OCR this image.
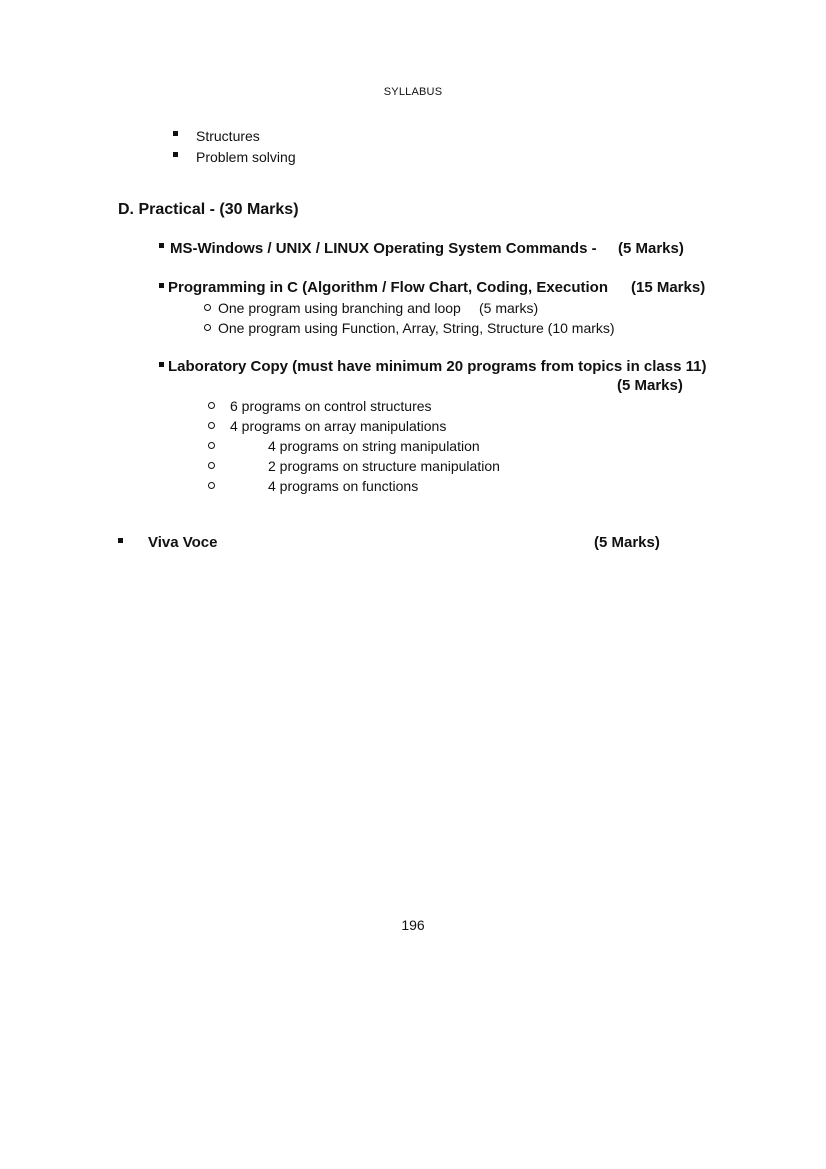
SYLLABUS
Structures
Problem solving
D. Practical - (30 Marks)
MS-Windows / UNIX / LINUX Operating System Commands - (5 Marks)
Programming in C (Algorithm / Flow Chart, Coding, Execution (15 Marks)
One program using branching and loop (5 marks)
One program using Function, Array, String, Structure (10 marks)
Laboratory Copy (must have minimum 20 programs from topics in class 11)
(5 Marks)
6 programs on control structures
4 programs on array manipulations
4 programs on string manipulation
2 programs on structure manipulation
4 programs on functions
Viva Voce	(5 Marks)
196
